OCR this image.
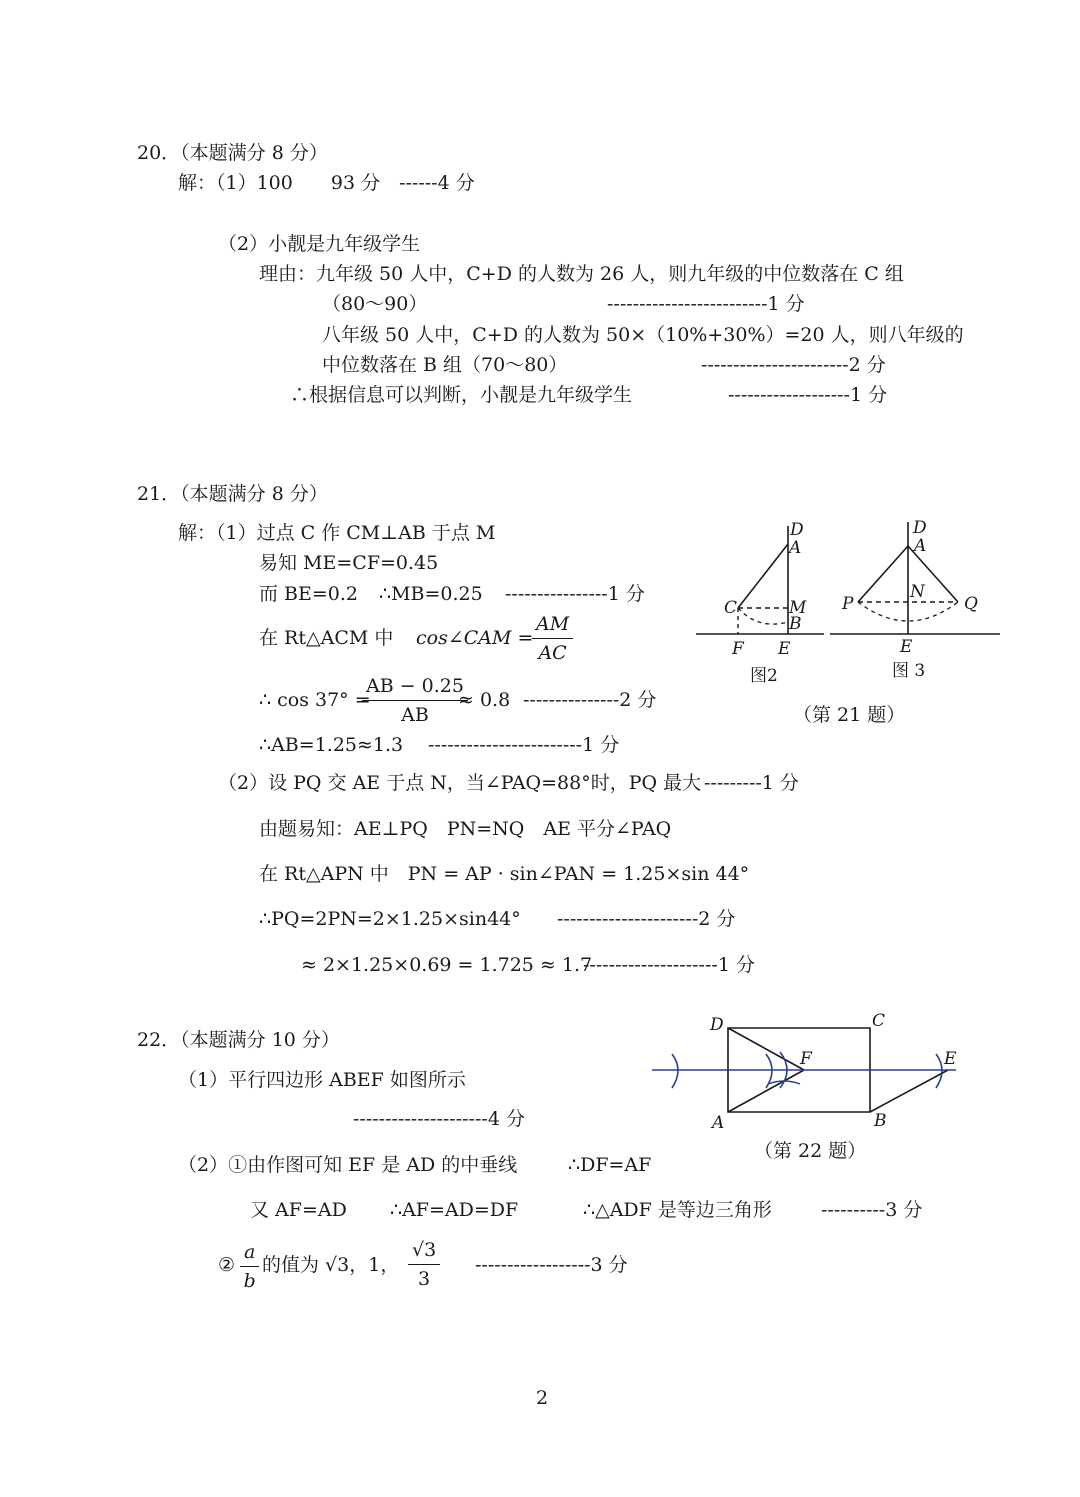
20．（本题满分 8 分）
解：（1）100　　93 分　------4 分
（2）小靓是九年级学生
理由：九年级 50 人中，C+D 的人数为 26 人，则九年级的中位数落在 C 组
（80～90）	-------------------------1 分
八年级 50 人中，C+D 的人数为 50×（10%+30%）=20 人，则八年级的
中位数落在 B 组（70～80）	-----------------------2 分
∴根据信息可以判断，小靓是九年级学生	-------------------1 分
21．（本题满分 8 分）
解：（1）过点 C 作 CM⊥AB 于点 M
易知 ME=CF=0.45
而 BE=0.2 ∴MB=0.25 ----------------1 分
在 Rt△ACM 中 cos∠CAM =
$\frac{AM}{AC}$
∴ cos 37° =
$\frac{AB - 0.25}{AB}$
≈ 0.8 ---------------2 分
∴AB=1.25≈1.3 ------------------------1 分
（2）设 PQ 交 AE 于点 N，当∠PAQ=88°时，PQ 最大 ---------1 分
由题易知：AE⊥PQ　PN=NQ　AE 平分∠PAQ
在 Rt△APN 中　PN = AP · sin∠PAN = 1.25×sin 44°
∴PQ=2PN=2×1.25×sin44° ----------------------2 分
≈ 2×1.25×0.69 = 1.725 ≈ 1.7
---------------------1 分
D
A
C	M
B
F E
图2
D
A
N
P	Q
E
图 3
（第 21 题）
22．（本题满分 10 分）
（1）平行四边形 ABEF 如图所示
---------------------4 分
（2）①由作图可知 EF 是 AD 的中垂线	∴DF=AF
又 AF=AD ∴AF=AD=DF	∴△ADF 是等边三角形	----------3 分
② $\frac{a}{b}$ 的值为 √3，1， $\frac{√3}{3} ------------------3$ 分
D	C
F	E
A	B
（第 22 题）
2
